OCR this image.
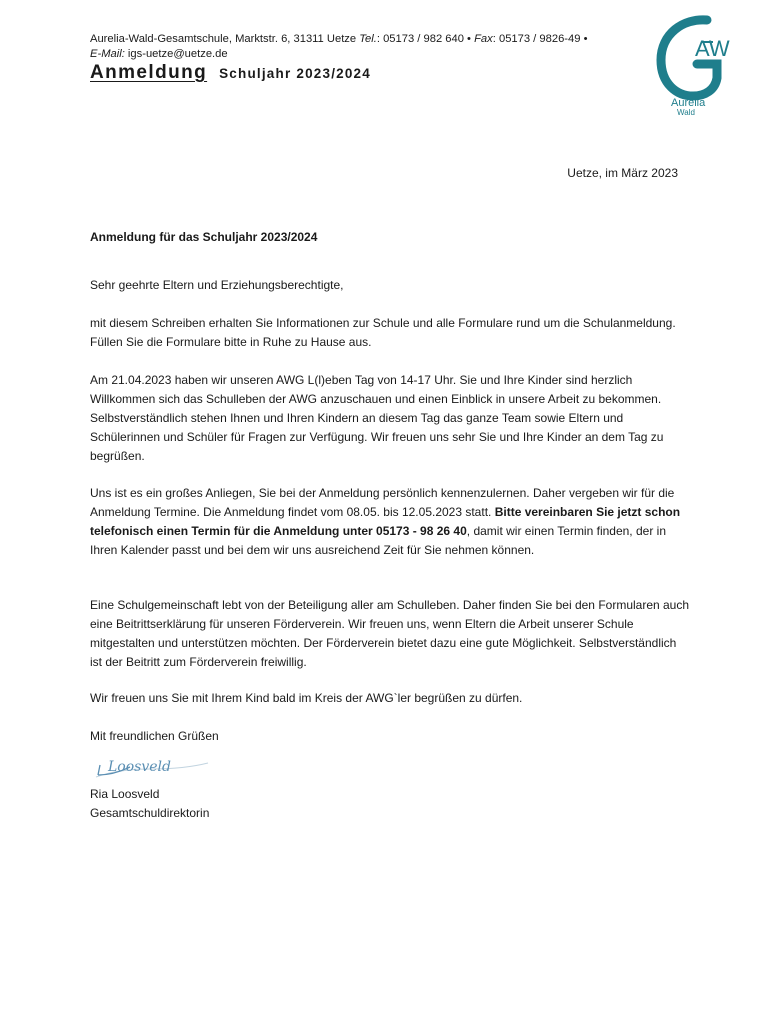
Aurelia-Wald-Gesamtschule, Marktstr. 6, 31311 Uetze Tel.: 05173 / 982 640 • Fax: 05173 / 9826-49 •
E-Mail: igs-uetze@uetze.de
Anmeldung Schuljahr 2023/2024
AW
Aurelia
Wald
Uetze, im März 2023
Anmeldung für das Schuljahr 2023/2024

Sehr geehrte Eltern und Erziehungsberechtigte,

mit diesem Schreiben erhalten Sie Informationen zur Schule und alle Formulare rund um die Schulanmeldung. Füllen Sie die Formulare bitte in Ruhe zu Hause aus.

Am 21.04.2023 haben wir unseren AWG L(l)eben Tag von 14-17 Uhr. Sie und Ihre Kinder sind herzlich Willkommen sich das Schulleben der AWG anzuschauen und einen Einblick in unsere Arbeit zu bekommen. Selbstverständlich stehen Ihnen und Ihren Kindern an diesem Tag das ganze Team sowie Eltern und Schülerinnen und Schüler für Fragen zur Verfügung. Wir freuen uns sehr Sie und Ihre Kinder an dem Tag zu begrüßen.

Uns ist es ein großes Anliegen, Sie bei der Anmeldung persönlich kennenzulernen. Daher vergeben wir für die Anmeldung Termine. Die Anmeldung findet vom 08.05. bis 12.05.2023 statt. Bitte vereinbaren Sie jetzt schon telefonisch einen Termin für die Anmeldung unter 05173 - 98 26 40, damit wir einen Termin finden, der in Ihren Kalender passt und bei dem wir uns ausreichend Zeit für Sie nehmen können.

Eine Schulgemeinschaft lebt von der Beteiligung aller am Schulleben. Daher finden Sie bei den Formularen auch eine Beitrittserklärung für unseren Förderverein. Wir freuen uns, wenn Eltern die Arbeit unserer Schule mitgestalten und unterstützen möchten. Der Förderverein bietet dazu eine gute Möglichkeit. Selbstverständlich ist der Beitritt zum Förderverein freiwillig.

Wir freuen uns Sie mit Ihrem Kind bald im Kreis der AWG`ler begrüßen zu dürfen.

Mit freundlichen Grüßen

Loosveld
Ria Loosveld
Gesamtschuldirektorin
